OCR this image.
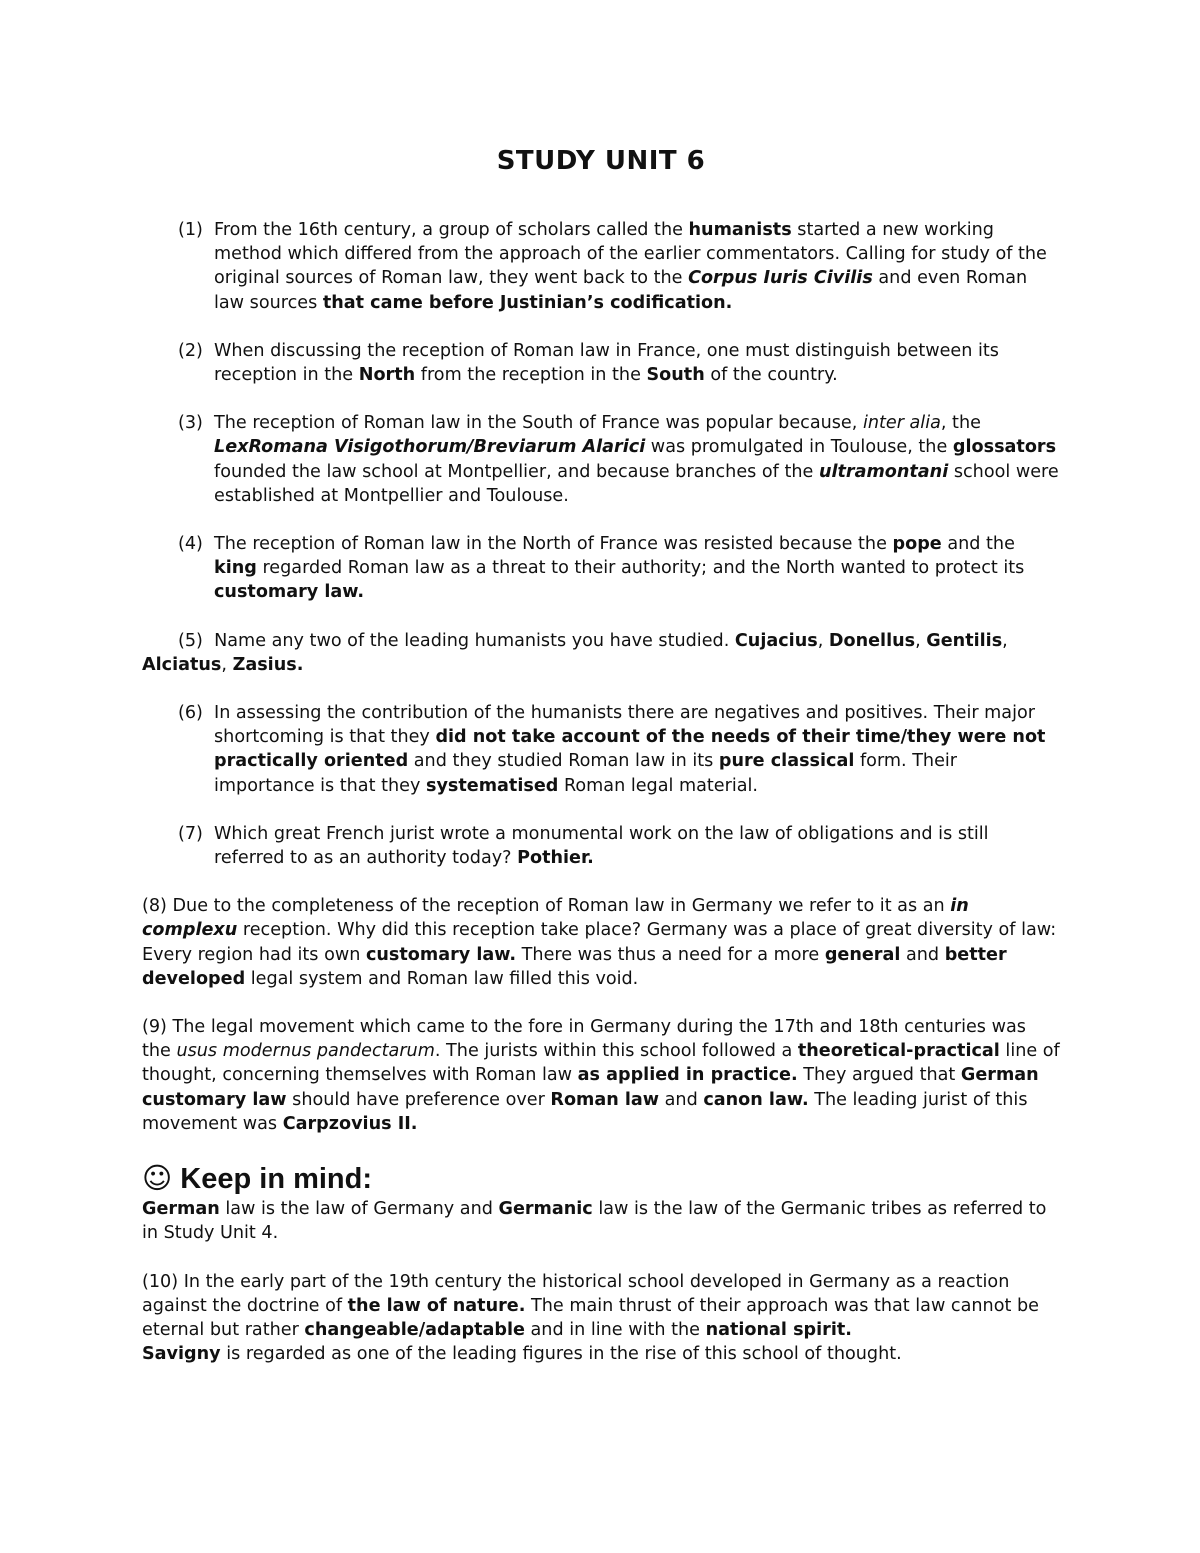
STUDY UNIT 6
(1) From the 16th century, a group of scholars called the humanists started a new working method which differed from the approach of the earlier commentators. Calling for study of the original sources of Roman law, they went back to the Corpus Iuris Civilis and even Roman law sources that came before Justinian’s codification.
(2) When discussing the reception of Roman law in France, one must distinguish between its reception in the North from the reception in the South of the country.
(3) The reception of Roman law in the South of France was popular because, inter alia, the LexRomana Visigothorum/Breviarum Alarici was promulgated in Toulouse, the glossators founded the law school at Montpellier, and because branches of the ultramontani school were established at Montpellier and Toulouse.
(4) The reception of Roman law in the North of France was resisted because the pope and the king regarded Roman law as a threat to their authority; and the North wanted to protect its customary law.
(5)  Name any two of the leading humanists you have studied. Cujacius, Donellus, Gentilis, Alciatus, Zasius.
(6) In assessing the contribution of the humanists there are negatives and positives. Their major shortcoming is that they did not take account of the needs of their time/they were not practically oriented and they studied Roman law in its pure classical form. Their importance is that they systematised Roman legal material.
(7) Which great French jurist wrote a monumental work on the law of obligations and is still referred to as an authority today? Pothier.
(8) Due to the completeness of the reception of Roman law in Germany we refer to it as an in complexu reception. Why did this reception take place? Germany was a place of great diversity of law: Every region had its own customary law. There was thus a need for a more general and better developed legal system and Roman law filled this void.
(9) The legal movement which came to the fore in Germany during the 17th and 18th centuries was the usus modernus pandectarum. The jurists within this school followed a theoretical-practical line of thought, concerning themselves with Roman law as applied in practice. They argued that German customary law should have preference over Roman law and canon law. The leading jurist of this movement was Carpzovius II.
☺ Keep in mind:
German law is the law of Germany and Germanic law is the law of the Germanic tribes as referred to in Study Unit 4.
(10) In the early part of the 19th century the historical school developed in Germany as a reaction against the doctrine of the law of nature. The main thrust of their approach was that law cannot be eternal but rather changeable/adaptable and in line with the national spirit.
Savigny is regarded as one of the leading figures in the rise of this school of thought.
